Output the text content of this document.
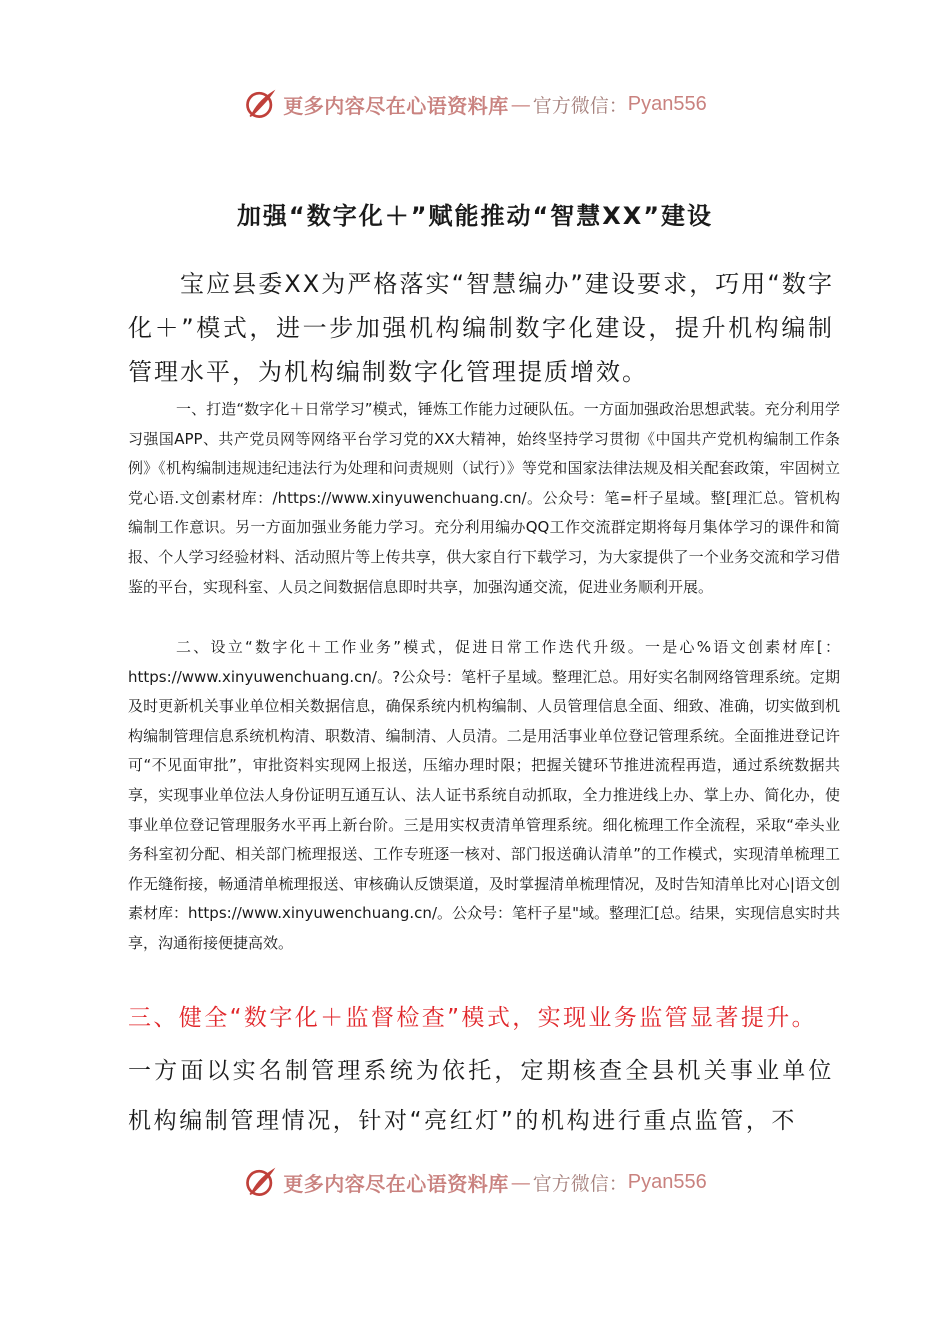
更多内容尽在心语资料库 — 官方微信： Pyan556
加强“数字化＋”赋能推动“智慧XX”建设
宝应县委XX为严格落实“智慧编办”建设要求，巧用“数字化＋”模式，进一步加强机构编制数字化建设，提升机构编制管理水平，为机构编制数字化管理提质增效。
一、打造“数字化＋日常学习”模式，锤炼工作能力过硬队伍。一方面加强政治思想武装。充分利用学习强国APP、共产党员网等网络平台学习党的XX大精神，始终坚持学习贯彻《中国共产党机构编制工作条例》《机构编制违规违纪违法行为处理和问责规则（试行）》等党和国家法律法规及相关配套政策，牢固树立党心语.文创素材库：/https://www.xinyuwenchuang.cn/。公众号：笔=杆子星域。整[理汇总。管机构编制工作意识。另一方面加强业务能力学习。充分利用编办QQ工作交流群定期将每月集体学习的课件和简报、个人学习经验材料、活动照片等上传共享，供大家自行下载学习，为大家提供了一个业务交流和学习借鉴的平台，实现科室、人员之间数据信息即时共享，加强沟通交流，促进业务顺利开展。
二、设立“数字化＋工作业务”模式，促进日常工作迭代升级。一是心%语文创素材库[：https://www.xinyuwenchuang.cn/。?公众号：笔杆子星域。整理汇总。用好实名制网络管理系统。定期及时更新机关事业单位相关数据信息，确保系统内机构编制、人员管理信息全面、细致、准确，切实做到机构编制管理信息系统机构清、职数清、编制清、人员清。二是用活事业单位登记管理系统。全面推进登记许可“不见面审批”，审批资料实现网上报送，压缩办理时限；把握关键环节推进流程再造，通过系统数据共享，实现事业单位法人身份证明互通互认、法人证书系统自动抓取，全力推进线上办、掌上办、简化办，使事业单位登记管理服务水平再上新台阶。三是用实权责清单管理系统。细化梳理工作全流程，采取“牵头业务科室初分配、相关部门梳理报送、工作专班逐一核对、部门报送确认清单”的工作模式，实现清单梳理工作无缝衔接，畅通清单梳理报送、审核确认反馈渠道，及时掌握清单梳理情况，及时告知清单比对心|语文创素材库：https://www.xinyuwenchuang.cn/。公众号：笔杆子星"域。整理汇[总。结果，实现信息实时共享，沟通衔接便捷高效。
三、健全“数字化＋监督检查”模式，实现业务监管显著提升。
一方面以实名制管理系统为依托，定期核查全县机关事业单位机构编制管理情况，针对“亮红灯”的机构进行重点监管，不
更多内容尽在心语资料库 — 官方微信： Pyan556
